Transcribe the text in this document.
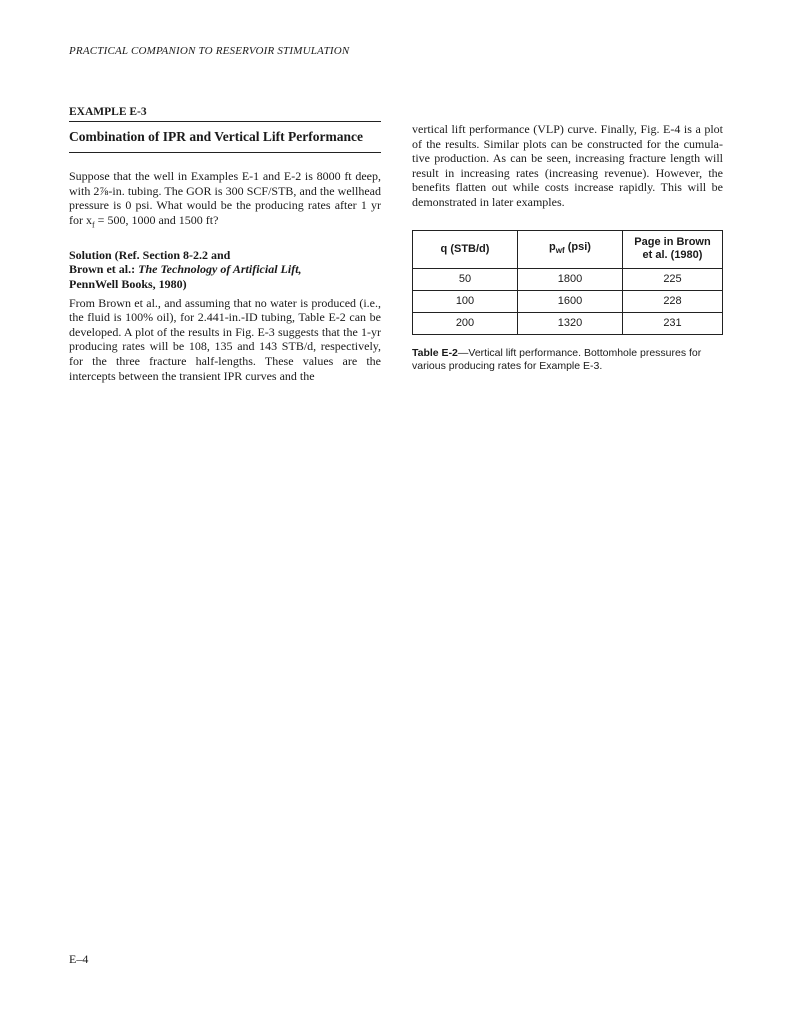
PRACTICAL COMPANION TO RESERVOIR STIMULATION
EXAMPLE E-3
Combination of IPR and Vertical Lift Performance

Suppose that the well in Examples E-1 and E-2 is 8000 ft deep, with 2⅞-in. tubing. The GOR is 300 SCF/STB, and the wellhead pressure is 0 psi. What would be the producing rates after 1 yr for $x_f = 500$, 1000 and 1500 ft?

Solution (Ref. Section 8-2.2 and
Brown et al.: The Technology of Artificial Lift,
PennWell Books, 1980)

From Brown et al., and assuming that no water is produced (i.e., the fluid is 100% oil), for 2.441-in.-ID tubing, Table E-2 can be developed. A plot of the results in Fig. E-3 suggests that the 1-yr producing rates will be 108, 135 and 143 STB/d, respectively, for the three fracture half-lengths. These values are the intercepts between the transient IPR curves and the

vertical lift performance (VLP) curve. Finally, Fig. E-4 is a plot of the results. Similar plots can be constructed for the cumula-tive production. As can be seen, increasing fracture length will result in increasing rates (increasing revenue). However, the benefits flatten out while costs increase rapidly. This will be demonstrated in later examples.

q (STB/d)	$p_{wf}$ (psi)	Page in Brown
et al. (1980)

50	1800	225
100	1600	228
200	1320	231
Table E-2—Vertical lift performance. Bottomhole pressures for various producing rates for Example E-3.
E–4
